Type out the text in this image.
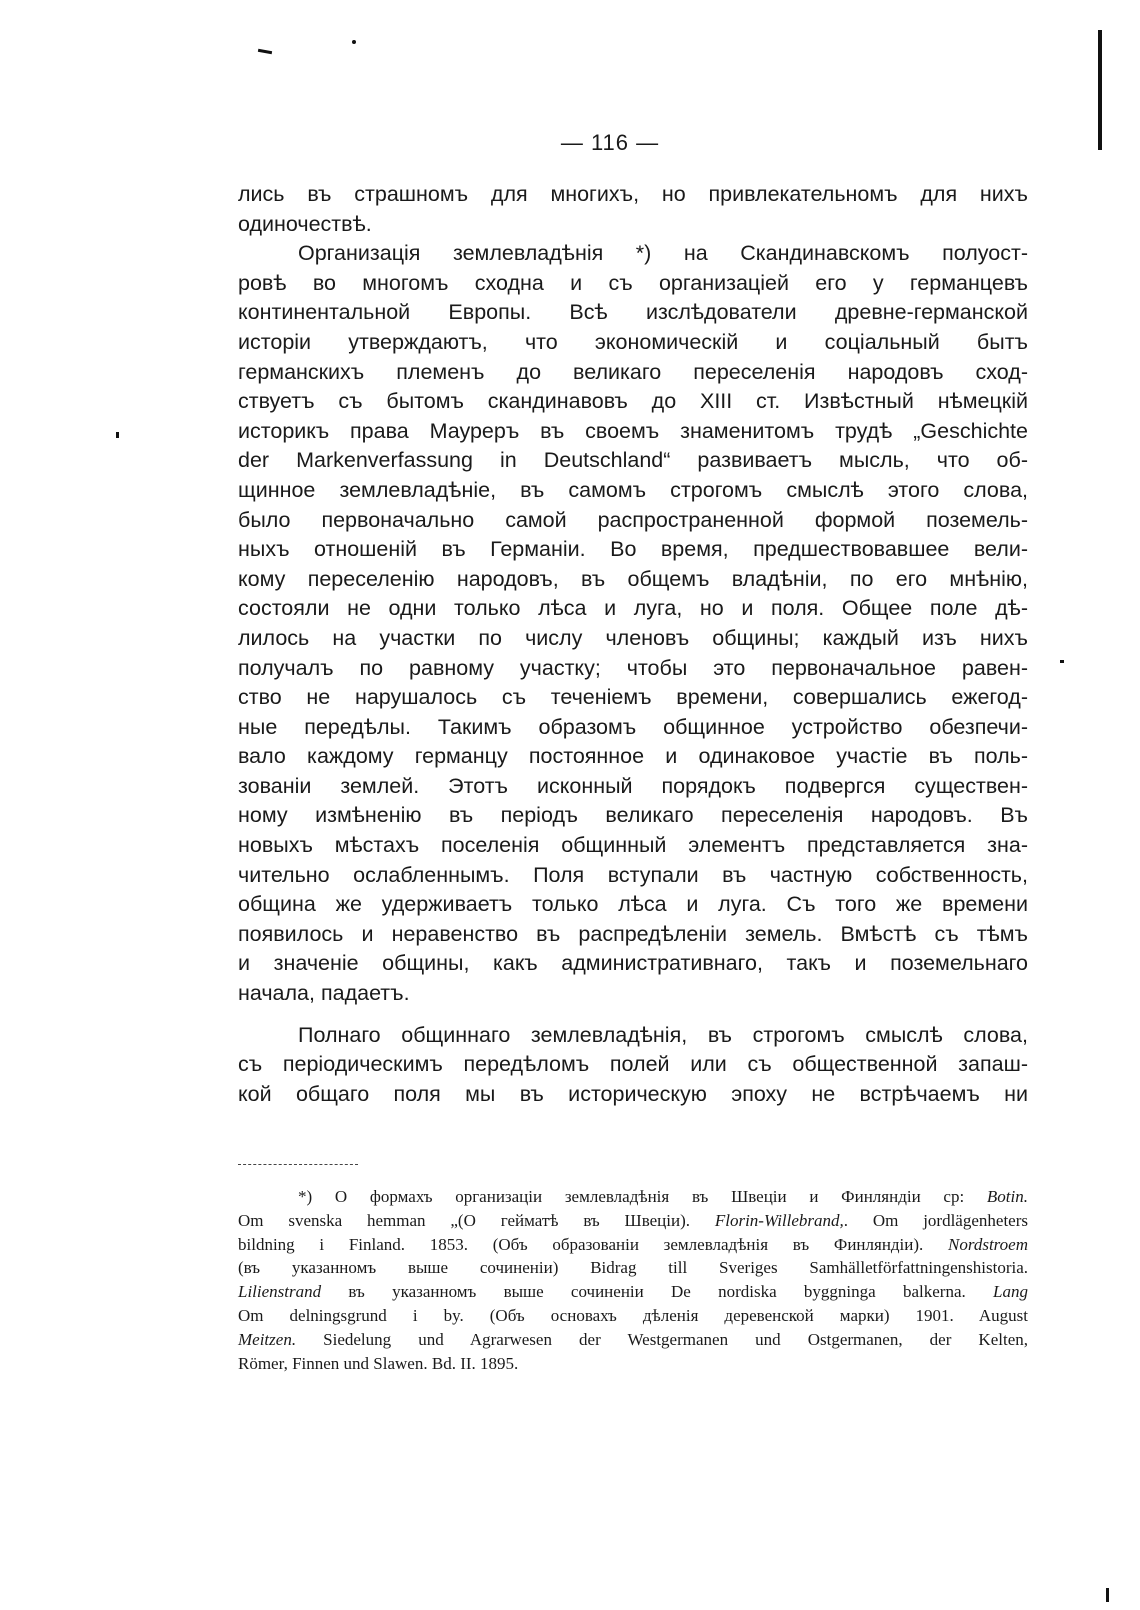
— 116 —
лись въ страшномъ для многихъ, но привлекательномъ для нихъ
одиночествѣ.
Организація землевладѣнія *) на Скандинавскомъ полуост-
ровѣ во многомъ сходна и съ организаціей его у германцевъ
континентальной Европы. Всѣ изслѣдователи древне-германской
исторіи утверждаютъ, что экономическій и соціальный бытъ
германскихъ племенъ до великаго переселенія народовъ сход-
ствуетъ съ бытомъ скандинавовъ до XIII ст. Извѣстный нѣмецкій
историкъ права Маурeръ въ своемъ знаменитомъ трудѣ „Geschichte
der Markenverfassung in Deutschland“ развиваетъ мысль, что об-
щинное землевладѣніе, въ самомъ строгомъ смыслѣ этого слова,
было первоначально самой распространенной формой поземель-
ныхъ отношеній въ Германіи. Во время, предшествовавшее вели-
кому переселенію народовъ, въ общемъ владѣніи, по его мнѣнію,
состояли не одни только лѣса и луга, но и поля. Общее поле дѣ-
лилось на участки по числу членовъ общины; каждый изъ нихъ
получалъ по равному участку; чтобы это первоначальное равен-
ство не нарушалось съ теченіемъ времени, совершались ежегод-
ные передѣлы. Такимъ образомъ общинное устройство обезпечи-
вало каждому германцу постоянное и одинаковое участіе въ поль-
зованіи землей. Этотъ исконный порядокъ подвергся существен-
ному измѣненію въ періодъ великаго переселенія народовъ. Въ
новыхъ мѣстахъ поселенія общинный элементъ представляется зна-
чительно ослабленнымъ. Поля вступали въ частную собственность,
община же удерживаетъ только лѣса и луга. Съ того же времени
появилось и неравенство въ распредѣленіи земель. Вмѣстѣ съ тѣмъ
и значеніе общины, какъ административнаго, такъ и поземельнаго
начала, падаетъ.
Полнаго общиннаго землевладѣнія, въ строгомъ смыслѣ слова,
съ періодическимъ передѣломъ полей или съ общественной запаш-
кой общаго поля мы въ историческую эпоху не встрѣчаемъ ни
*) О формахъ организаціи землевладѣнія въ Швеціи и Финляндіи ср: Botin.
Om svenska hemman „(О гейматѣ въ Швеціи). Florin-Willebrand,. Om jordlägenheters
bildning i Finland. 1853. (Объ образованіи землевладѣнія въ Финляндіи). Nordstroem
(въ указанномъ выше сочиненіи) Bidrag till Sveriges Samhälletförfattningenshistoria.
Lilienstrand въ указанномъ выше сочиненіи De nordiska byggninga balkerna. Lang
Om delningsgrund i by. (Объ основахъ дѣленія деревенской марки) 1901. August
Meitzen. Siedelung und Agrarwesen der Westgermanen und Ostgermanen, der Kelten,
Römer, Finnen und Slawen. Bd. II. 1895.
